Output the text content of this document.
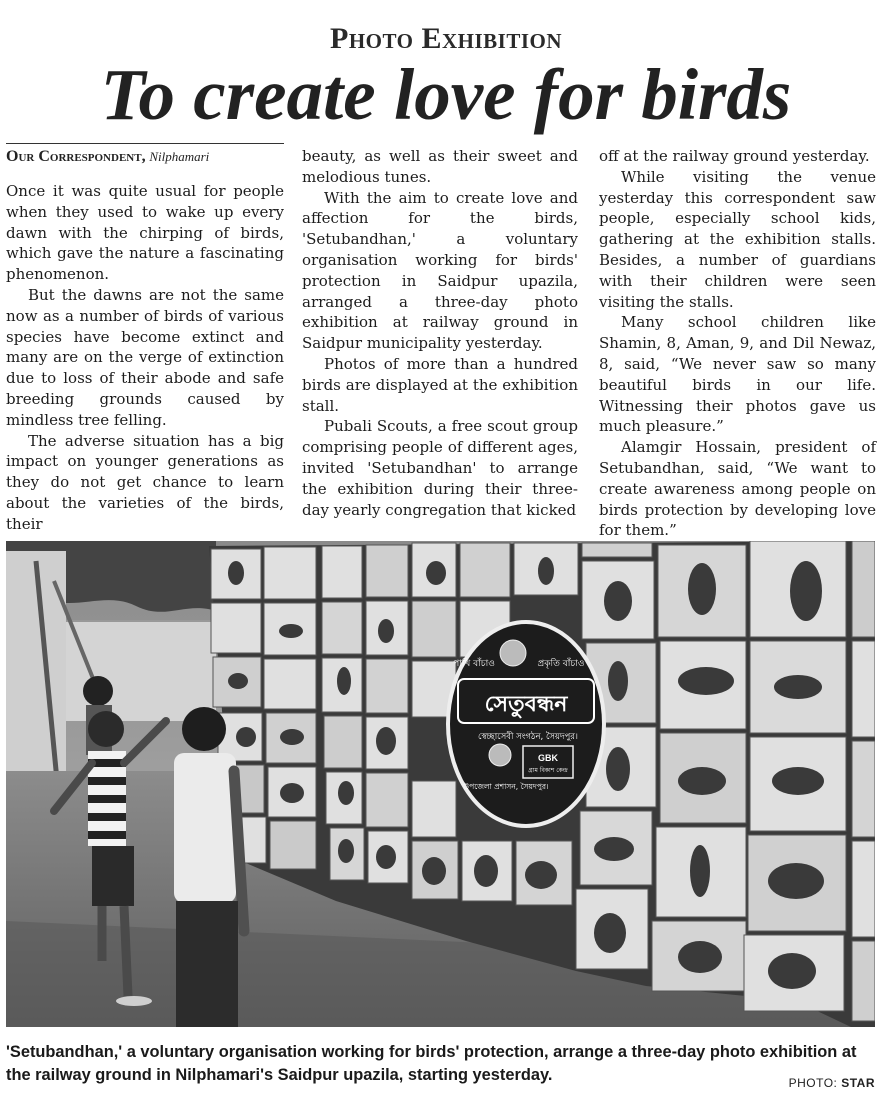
Photo Exhibition
To create love for birds
Our Correspondent, Nilphamari

Once it was quite usual for people when they used to wake up every dawn with the chirping of birds, which gave the nature a fascinating phenomenon.

But the dawns are not the same now as a number of birds of various species have become extinct and many are on the verge of extinction due to loss of their abode and safe breeding grounds caused by mindless tree felling.

The adverse situation has a big impact on younger generations as they do not get chance to learn about the varieties of the birds, their

beauty, as well as their sweet and melodious tunes.

With the aim to create love and affection for the birds, 'Setubandhan,' a voluntary organisation working for birds' protection in Saidpur upazila, arranged a three-day photo exhibition at railway ground in Saidpur municipality yesterday.

Photos of more than a hundred birds are displayed at the exhibition stall.

Pubali Scouts, a free scout group comprising people of different ages, invited 'Setubandhan' to arrange the exhibition during their three-day yearly congregation that kicked

off at the railway ground yesterday.

While visiting the venue yesterday this correspondent saw people, especially school kids, gathering at the exhibition stalls. Besides, a number of guardians with their children were seen visiting the stalls.

Many school children like Shamin, 8, Aman, 9, and Dil Newaz, 8, said, “We never saw so many beautiful birds in our life. Witnessing their photos gave us much pleasure.”

Alamgir Hossain, president of Setubandhan, said, “We want to create awareness among people on birds protection by developing love for them.”

পাখি বাঁচাও	প্রকৃতি বাঁচাও
সেতুবন্ধন
স্বেচ্ছাসেবী সংগঠন, সৈয়দপুর।
GBK
গ্রাম বিকাশ কেন্দ্র
উপজেলা প্রশাসন, সৈয়দপুর।
'Setubandhan,' a voluntary organisation working for birds' protection, arrange a three-day photo exhibition at the railway ground in Nilphamari's Saidpur upazila, starting yesterday.	PHOTO: STAR
